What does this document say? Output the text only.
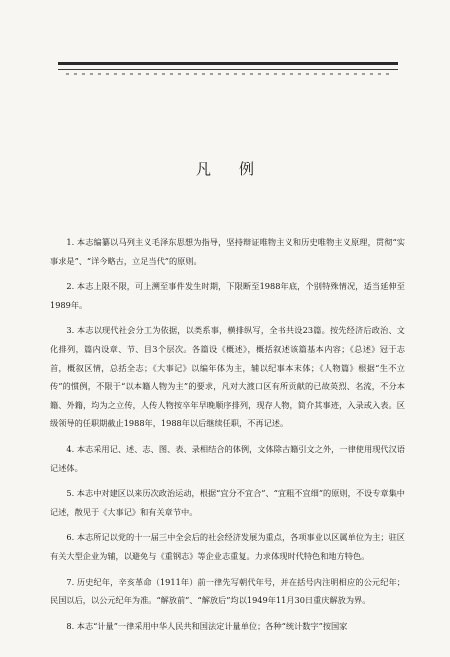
凡例

1. 本志编纂以马列主义毛泽东思想为指导，坚持辩证唯物主义和历史唯物主义原理，贯彻“实事求是”、“详今略古，立足当代”的原则。

2. 本志上限不限，可上溯至事件发生时期，下限断至1988年底，个别特殊情况，适当延伸至1989年。

3. 本志以现代社会分工为依据，以类系事，横排纵写，全书共设23篇。按先经济后政治、文化排列，篇内设章、节、目3个层次。各篇设《概述》，概括叙述该篇基本内容；《总述》冠于志首，概叙区情，总括全志；《大事记》以编年体为主，辅以纪事本末体；《人物篇》根据“生不立传”的惯例，不限于“以本籍人物为主”的要求，凡对大渡口区有所贡献的已故英烈、名流，不分本籍、外籍，均为之立传，人传人物按卒年早晚顺序排列，现存人物，简介其事迹，入录或入表。区级领导的任职期截止1988年，1988年以后继续任职，不再记述。

4. 本志采用记、述、志、图、表、录相结合的体例，文体除古籍引文之外，一律使用现代汉语记述体。

5. 本志中对建区以来历次政治运动，根据“宜分不宜合”、“宜粗不宜细”的原则，不设专章集中记述，散见于《大事记》和有关章节中。

6. 本志所记以党的十一届三中全会后的社会经济发展为重点，各项事业以区属单位为主；驻区有关大型企业为辅，以避免与《重钢志》等企业志重复。力求体现时代特色和地方特色。

7. 历史纪年，辛亥革命（1911年）前一律先写朝代年号，并在括号内注明相应的公元纪年；民国以后，以公元纪年为准。“解放前”、“解放后”均以1949年11月30日重庆解放为界。

8. 本志“计量”一律采用中华人民共和国法定计量单位；各种“统计数字”按国家
